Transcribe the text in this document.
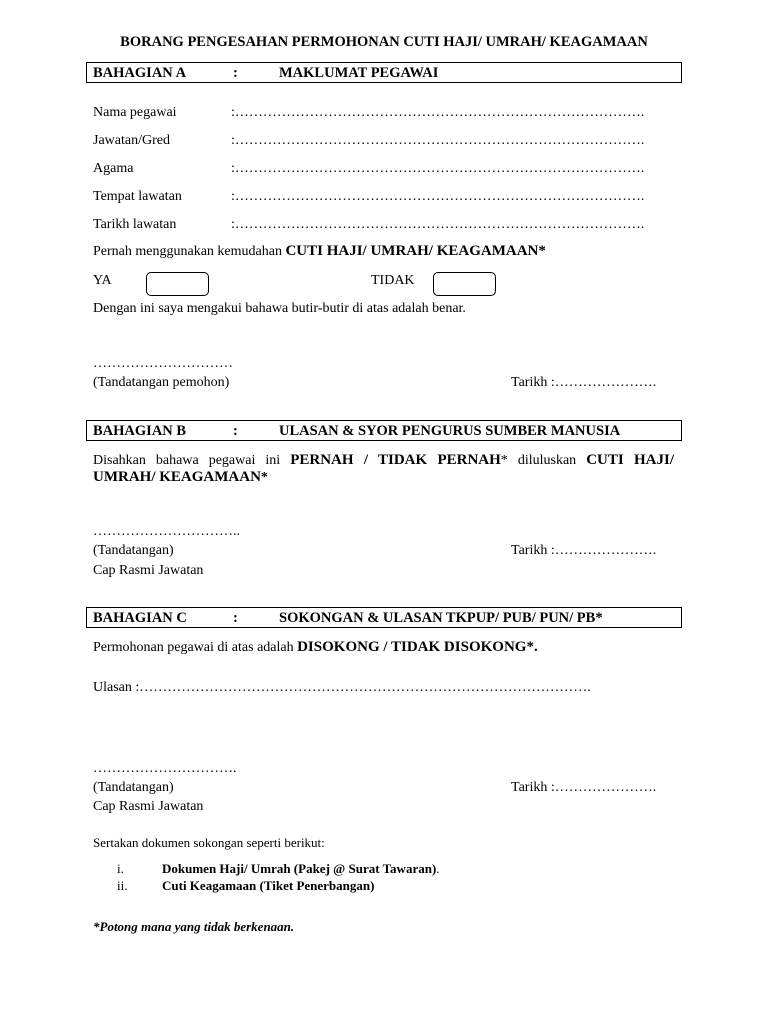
BORANG PENGESAHAN PERMOHONAN CUTI HAJI/ UMRAH/ KEAGAMAAN
BAHAGIAN A	:	MAKLUMAT PEGAWAI
Nama pegawai	:…………………………………………………………………………….
Jawatan/Gred	:…………………………………………………………………………….
Agama	:…………………………………………………………………………….
Tempat lawatan	:…………………………………………………………………………….
Tarikh lawatan	:…………………………………………………………………………….
Pernah menggunakan kemudahan CUTI HAJI/ UMRAH/ KEAGAMAAN*
YA	TIDAK
Dengan ini saya mengakui bahawa butir-butir di atas adalah benar.
…………………………
(Tandatangan pemohon)	Tarikh :………………….
BAHAGIAN B	:	ULASAN & SYOR PENGURUS SUMBER MANUSIA
Disahkan bahawa pegawai ini PERNAH / TIDAK PERNAH* diluluskan CUTI HAJI/
UMRAH/ KEAGAMAAN*
…………………………..
(Tandatangan)	Tarikh :………………….
Cap Rasmi Jawatan
BAHAGIAN C	:	SOKONGAN & ULASAN TKPUP/ PUB/ PUN/ PB*
Permohonan pegawai di atas adalah DISOKONG / TIDAK DISOKONG*.
Ulasan :…………………………………………………………………………………….
………………………….
(Tandatangan)	Tarikh :………………….
Cap Rasmi Jawatan
Sertakan dokumen sokongan seperti berikut:
i.	Dokumen Haji/ Umrah (Pakej @ Surat Tawaran).
ii.	Cuti Keagamaan (Tiket Penerbangan)
*Potong mana yang tidak berkenaan.
